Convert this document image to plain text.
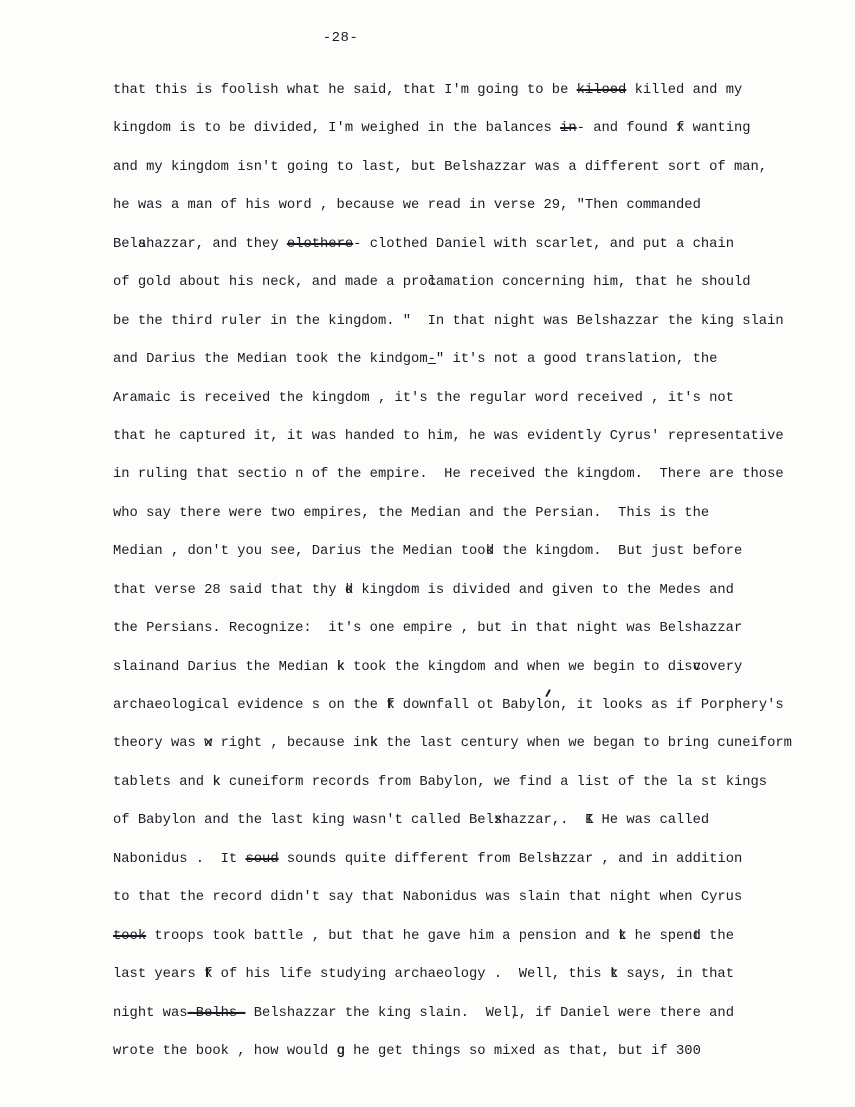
-28-
that this is foolish what he said, that I'm going to be kiloed killed and my
kingdom is to be divided, I'm weighed in the balances in- and found fx wanting
and my kingdom isn't going to last, but Belshazzar was a different sort of man,
he was a man of his word , because we read in verse 29, "Then commanded
Belas hazzar, and they elothere- clothed Daniel with scarlet, and put a chain
of gold about his neck, and made a procl amation concerning him, that he should
be the third ruler in the kingdom. "  In that night was Belshazzar the king slain
and Darius the Median took the kindgom-" it's not a good translation, the
Aramaic is received the kingdom , it's the regular word received , it's not
that he captured it, it was handed to him, he was evidently Cyrus' representative
in ruling that sectio n of the empire.  He received the kingdom.  There are those
who say there were two empires, the Median and the Persian.  This is the
Median , don't you see, Darius the Median tookd the kingdom.  But just before
that verse 28 said that thy dk kingdom is divided and given to the Medes and
the Persians. Recognize:  it's one empire , but in that night was Belshazzar
slainand Darius the Median kk took the kingdom and when we begin to disvc overy
archaeological evidence s on the fk downfall ot Babylon, it looks as if Porphery's
theory was wx right , because inkk the last century when we began to bring cuneiform
tablets and kk cuneiform records from Babylon, we find a list of the la st kings
of Babylon and the last king wasn't called Belsx hazzar,.  IK He was called
Nabonidus .  It soud sounds quite different from Belsha zzar , and in addition
to that the record didn't say that Nabonidus was slain that night when Cyrus
took troops took battle , but that he gave him a pension and tk he spendt the
last years fk of his life studying archaeology .  Well, this tk says, in that
night was-Belhs- Belshazzar the king slain.  Well, , if Daniel were there and
wrote the book , how would gg he get things so mixed as that, but if 300
